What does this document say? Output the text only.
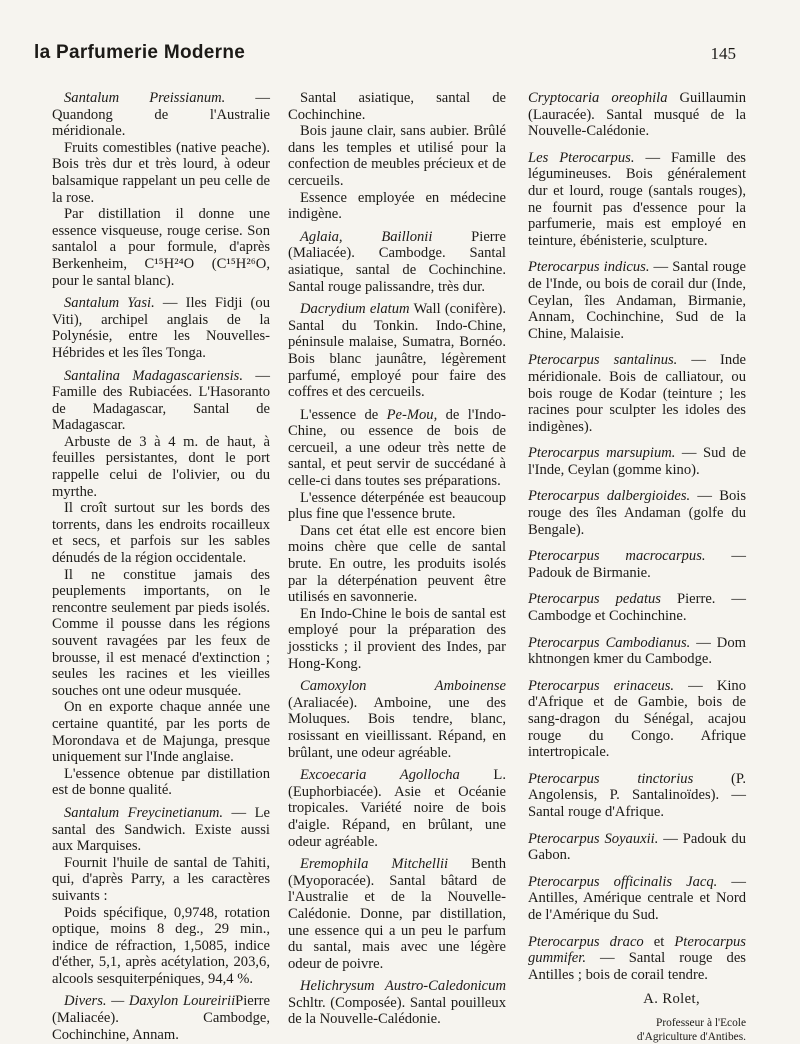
la Parfumerie Moderne	145

Santalum Preissianum. — Quandong de l'Australie méridionale.

Fruits comestibles (native peache). Bois très dur et très lourd, à odeur balsamique rappelant un peu celle de la rose.

Par distillation il donne une essence visqueuse, rouge cerise. Son santalol a pour formule, d'après Berkenheim, C¹⁵H²⁴O (C¹⁵H²⁶O, pour le santal blanc).

Santalum Yasi. — Iles Fidji (ou Viti), archipel anglais de la Polynésie, entre les Nouvelles-Hébrides et les îles Tonga.

Santalina Madagascariensis. — Famille des Rubiacées. L'Hasoranto de Madagascar, Santal de Madagascar.

Arbuste de 3 à 4 m. de haut, à feuilles persistantes, dont le port rappelle celui de l'olivier, ou du myrthe.

Il croît surtout sur les bords des torrents, dans les endroits rocailleux et secs, et parfois sur les sables dénudés de la région occidentale.

Il ne constitue jamais des peuplements importants, on le rencontre seulement par pieds isolés. Comme il pousse dans les régions souvent ravagées par les feux de brousse, il est menacé d'extinction ; seules les racines et les vieilles souches ont une odeur musquée.

On en exporte chaque année une certaine quantité, par les ports de Morondava et de Majunga, presque uniquement sur l'Inde anglaise.

L'essence obtenue par distillation est de bonne qualité.

Santalum Freycinetianum. — Le santal des Sandwich. Existe aussi aux Marquises.

Fournit l'huile de santal de Tahiti, qui, d'après Parry, a les caractères suivants :

Poids spécifique, 0,9748, rotation optique, moins 8 deg., 29 min., indice de réfraction, 1,5085, indice d'éther, 5,1, après acétylation, 203,6, alcools sesquiterpéniques, 94,4 %.

Divers. — Daxylon LoureiriiPierre (Maliacée). Cambodge, Cochinchine, Annam.

Santal asiatique, santal de Cochinchine.

Bois jaune clair, sans aubier. Brûlé dans les temples et utilisé pour la confection de meubles précieux et de cercueils.

Essence employée en médecine indigène.

Aglaia, Baillonii Pierre (Maliacée). Cambodge. Santal asiatique, santal de Cochinchine. Santal rouge palissandre, très dur.

Dacrydium elatum Wall (conifère). Santal du Tonkin. Indo-Chine, péninsule malaise, Sumatra, Bornéo. Bois blanc jaunâtre, légèrement parfumé, employé pour faire des coffres et des cercueils.

L'essence de Pe-Mou, de l'Indo-Chine, ou essence de bois de cercueil, a une odeur très nette de santal, et peut servir de succédané à celle-ci dans toutes ses préparations.

L'essence déterpénée est beaucoup plus fine que l'essence brute.

Dans cet état elle est encore bien moins chère que celle de santal brute. En outre, les produits isolés par la déterpénation peuvent être utilisés en savonnerie.

En Indo-Chine le bois de santal est employé pour la préparation des jossticks ; il provient des Indes, par Hong-Kong.

Camoxylon Amboinense (Araliacée). Amboine, une des Moluques. Bois tendre, blanc, rosissant en vieillissant. Répand, en brûlant, une odeur agréable.

Excoecaria Agollocha L. (Euphorbiacée). Asie et Océanie tropicales. Variété noire de bois d'aigle. Répand, en brûlant, une odeur agréable.

Eremophila Mitchellii Benth (Myoporacée). Santal bâtard de l'Australie et de la Nouvelle-Calédonie. Donne, par distillation, une essence qui a un peu le parfum du santal, mais avec une légère odeur de poivre.

Helichrysum Austro-Caledonicum Schltr. (Composée). Santal pouilleux de la Nouvelle-Calédonie.

Cryptocaria oreophila Guillaumin (Lauracée). Santal musqué de la Nouvelle-Calédonie.

Les Pterocarpus. — Famille des légumineuses. Bois généralement dur et lourd, rouge (santals rouges), ne fournit pas d'essence pour la parfumerie, mais est employé en teinture, ébénisterie, sculpture.

Pterocarpus indicus. — Santal rouge de l'Inde, ou bois de corail dur (Inde, Ceylan, îles Andaman, Birmanie, Annam, Cochinchine, Sud de la Chine, Malaisie.

Pterocarpus santalinus. — Inde méridionale. Bois de calliatour, ou bois rouge de Kodar (teinture ; les racines pour sculpter les idoles des indigènes).

Pterocarpus marsupium. — Sud de l'Inde, Ceylan (gomme kino).

Pterocarpus dalbergioides. — Bois rouge des îles Andaman (golfe du Bengale).

Pterocarpus macrocarpus. — Padouk de Birmanie.

Pterocarpus pedatus Pierre. — Cambodge et Cochinchine.

Pterocarpus Cambodianus. — Dom khtnongen kmer du Cambodge.

Pterocarpus erinaceus. — Kino d'Afrique et de Gambie, bois de sang-dragon du Sénégal, acajou rouge du Congo. Afrique intertropicale.

Pterocarpus tinctorius (P. Angolensis, P. Santalinoïdes). — Santal rouge d'Afrique.

Pterocarpus Soyauxii. — Padouk du Gabon.

Pterocarpus officinalis Jacq. — Antilles, Amérique centrale et Nord de l'Amérique du Sud.

Pterocarpus draco et Pterocarpus gummifer. — Santal rouge des Antilles ; bois de corail tendre.

A. Rolet,
Professeur à l'Ecole
d'Agriculture d'Antibes.
